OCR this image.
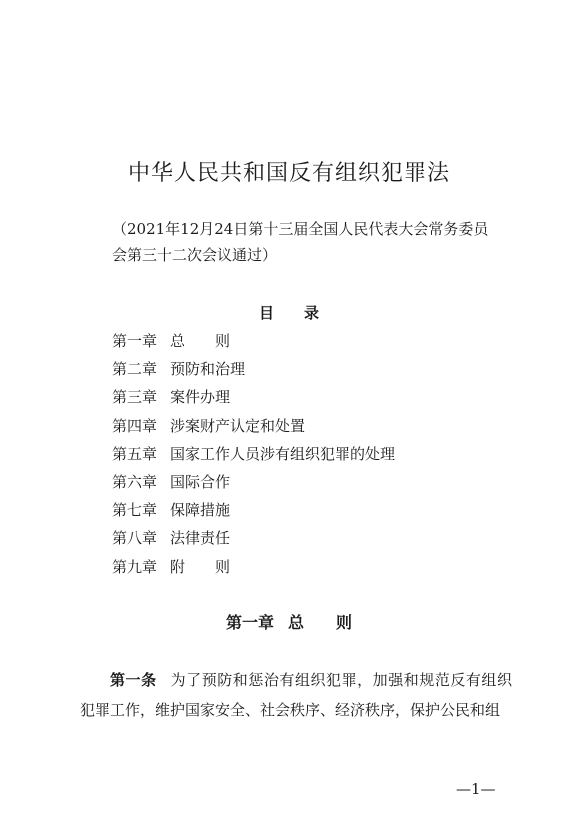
中华人民共和国反有组织犯罪法

（2021年12月24日第十三届全国人民代表大会常务委员会第三十二次会议通过）

目　　录
第一章 总　　则
第二章 预防和治理
第三章 案件办理
第四章 涉案财产认定和处置
第五章 国家工作人员涉有组织犯罪的处理
第六章 国际合作
第七章 保障措施
第八章 法律责任
第九章 附　　则
第一章 总　　则

第一条 为了预防和惩治有组织犯罪，加强和规范反有组织犯罪工作，维护国家安全、社会秩序、经济秩序，保护公民和组

—1—
